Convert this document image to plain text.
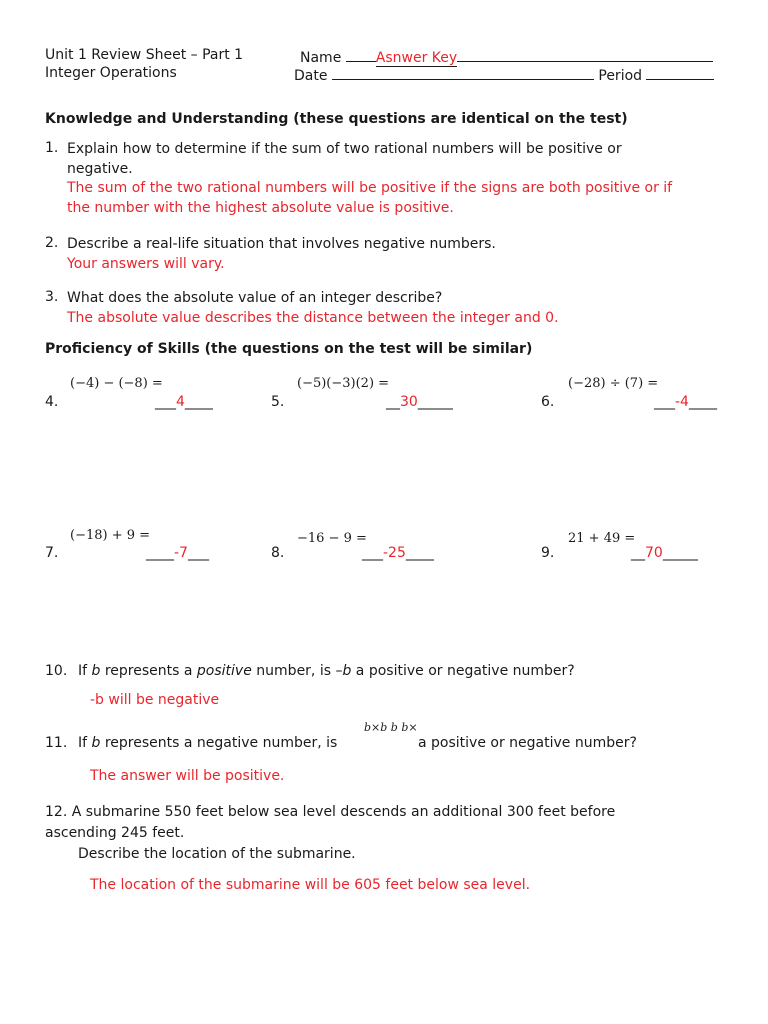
Unit 1 Review Sheet – Part 1
Integer Operations
Name Asnwer Key
Date	Period
Knowledge and Understanding (these questions are identical on the test)
1. Explain how to determine if the sum of two rational numbers will be positive or
negative.
The sum of the two rational numbers will be positive if the signs are both positive or if
the number with the highest absolute value is positive.
2. Describe a real-life situation that involves negative numbers.
Your answers will vary.
3. What does the absolute value of an integer describe?
The absolute value describes the distance between the integer and 0.
Proficiency of Skills (the questions on the test will be similar)
(−4) − (−8) =
4.	___4____
(−5)(−3)(2) =
5.	__30_____
(−28) ÷ (7) =
6.	___-4____
(−18) + 9 =
7.	____-7___
−16 − 9 =
8.	___-25____
21 + 49 =
9.	__70_____
10. If b represents a positive number, is –b a positive or negative number?
-b will be negative
b×b b b×
11. If b represents a negative number, is	a positive or negative number?
The answer will be positive.
12. A submarine 550 feet below sea level descends an additional 300 feet before
ascending 245 feet.
Describe the location of the submarine.
The location of the submarine will be 605 feet below sea level.
